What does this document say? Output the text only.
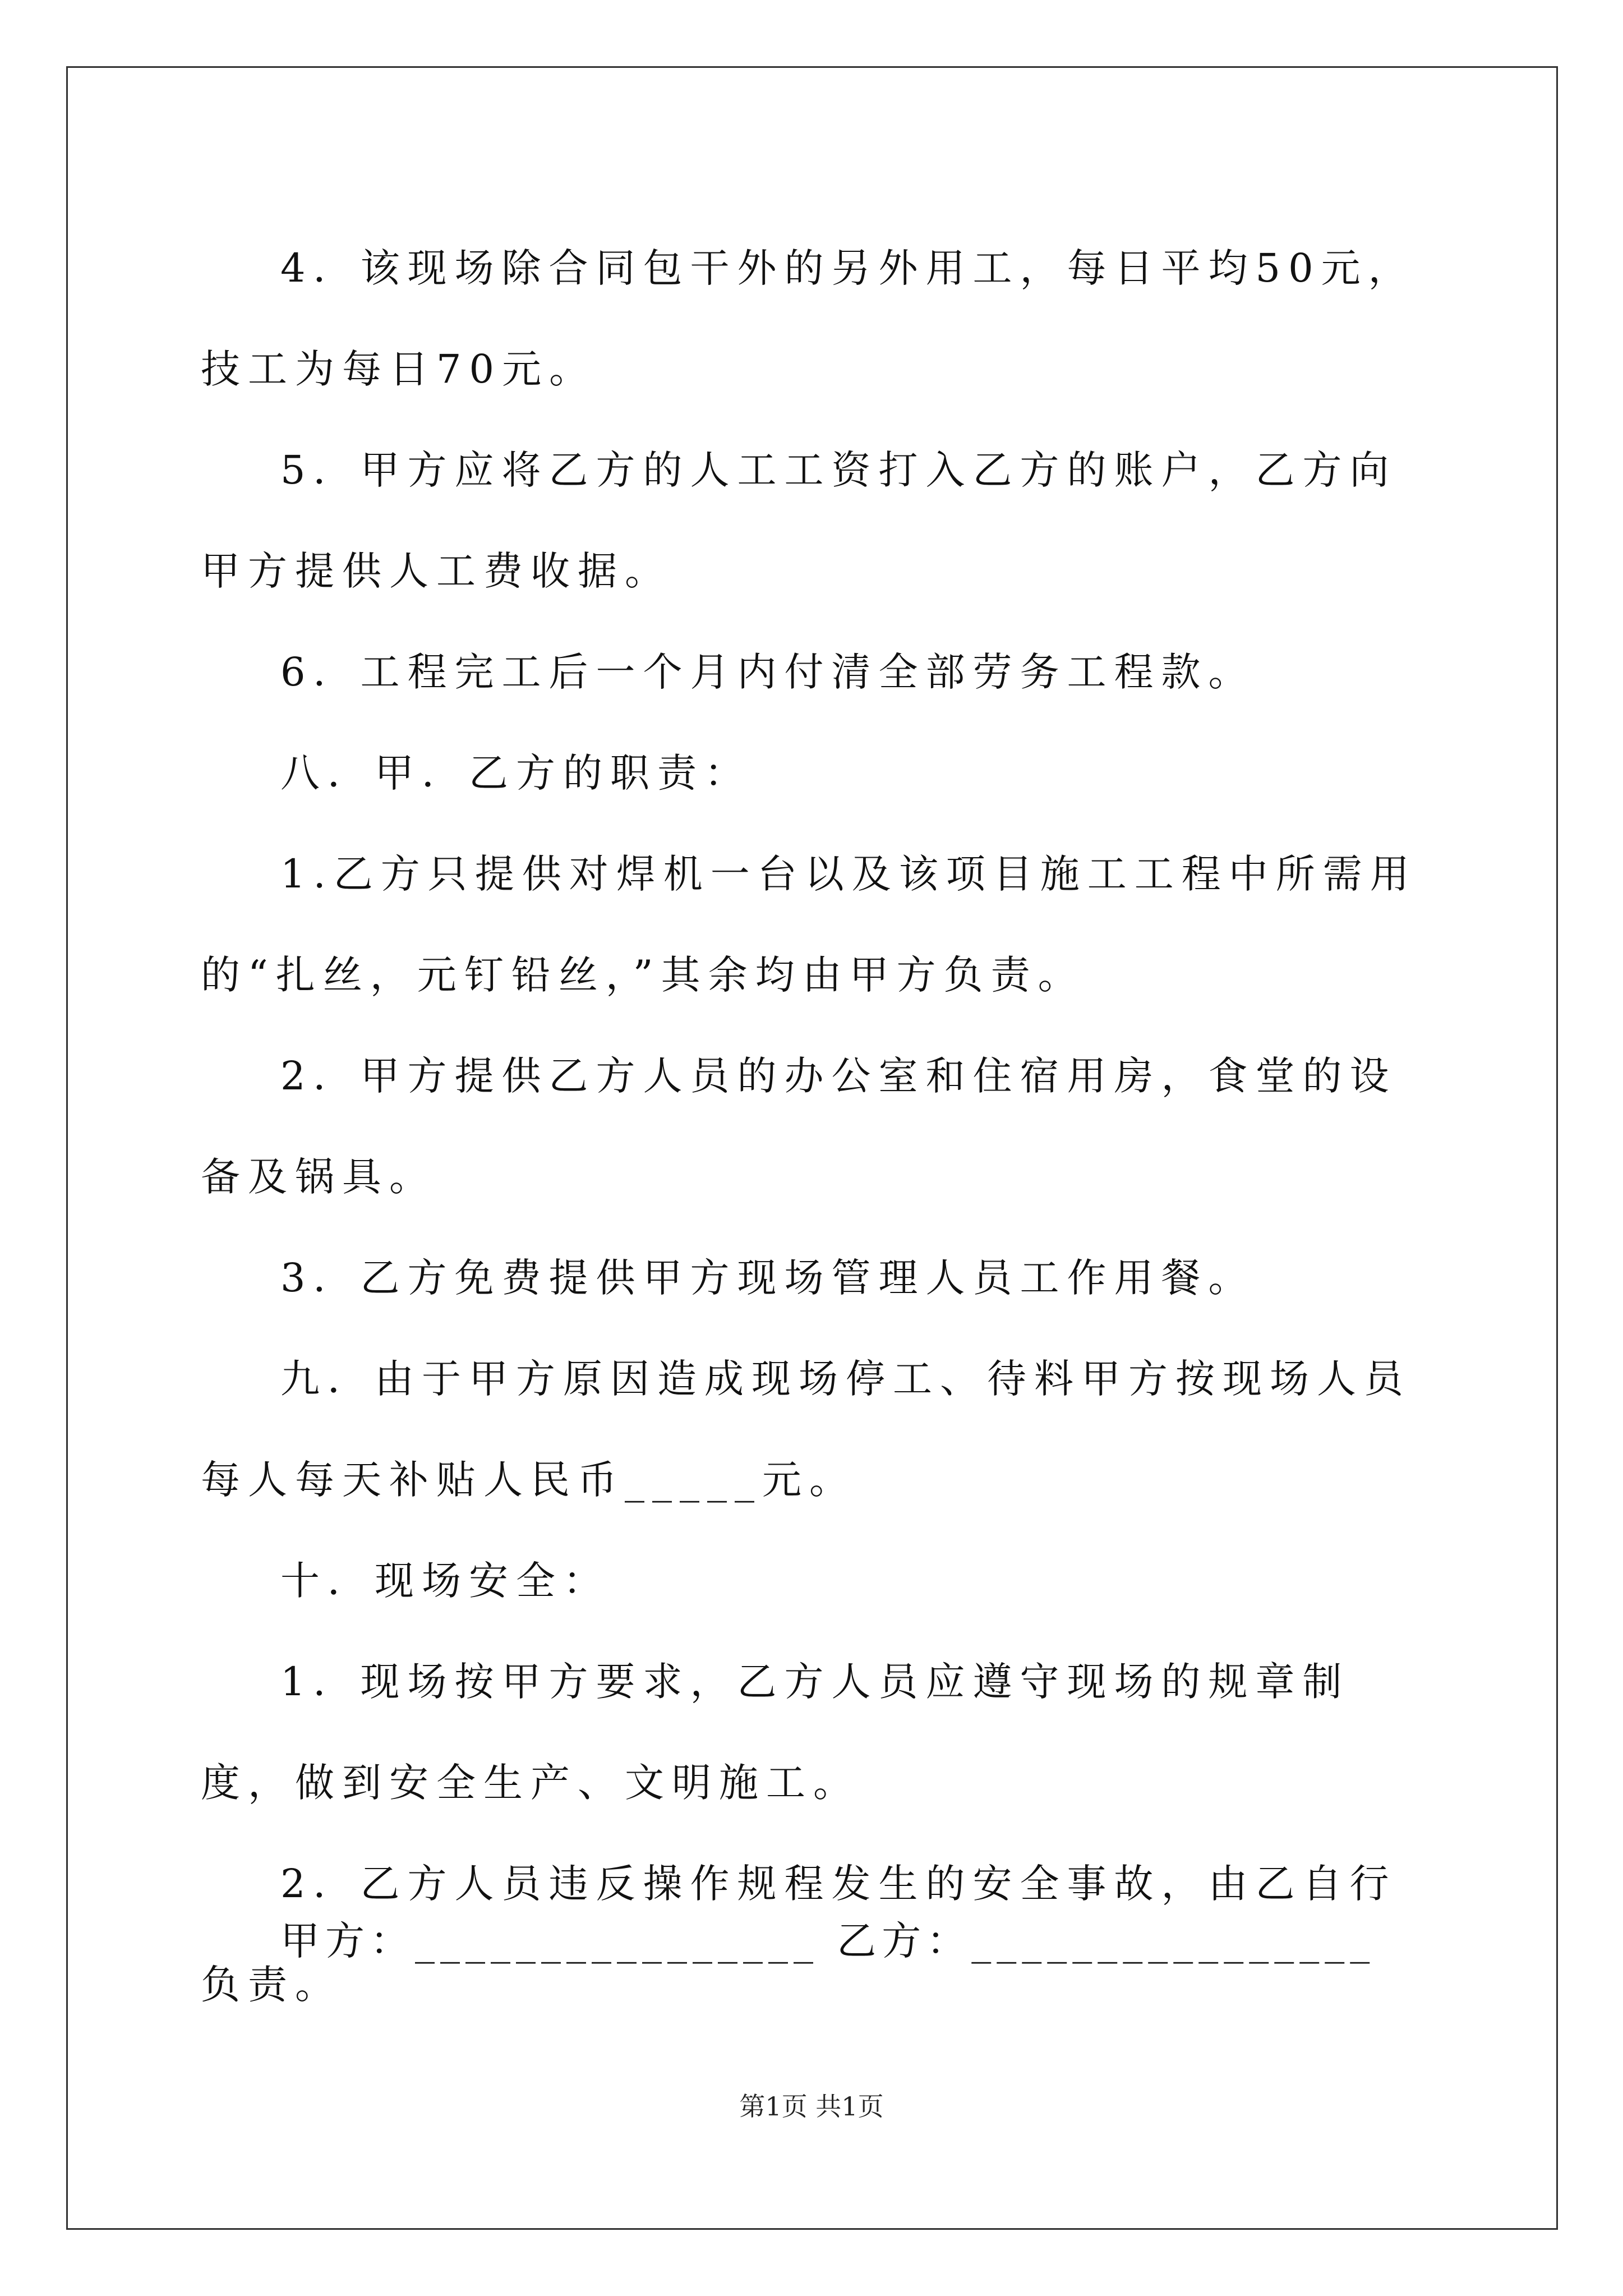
4．该现场除合同包干外的另外用工，每日平均50元，技工为每日70元。

5．甲方应将乙方的人工工资打入乙方的账户，乙方向甲方提供人工费收据。

6．工程完工后一个月内付清全部劳务工程款。

八．甲．乙方的职责：

1.乙方只提供对焊机一台以及该项目施工工程中所需用的“扎丝，元钉铅丝，”其余均由甲方负责。

2．甲方提供乙方人员的办公室和住宿用房，食堂的设备及锅具。

3．乙方免费提供甲方现场管理人员工作用餐。

九．由于甲方原因造成现场停工、待料甲方按现场人员每人每天补贴人民币_____元。

十．现场安全：

1．现场按甲方要求，乙方人员应遵守现场的规章制度，做到安全生产、文明施工。

2．乙方人员违反操作规程发生的安全事故，由乙自行负责。

甲方：________________ 乙方：________________
第1页 共1页
